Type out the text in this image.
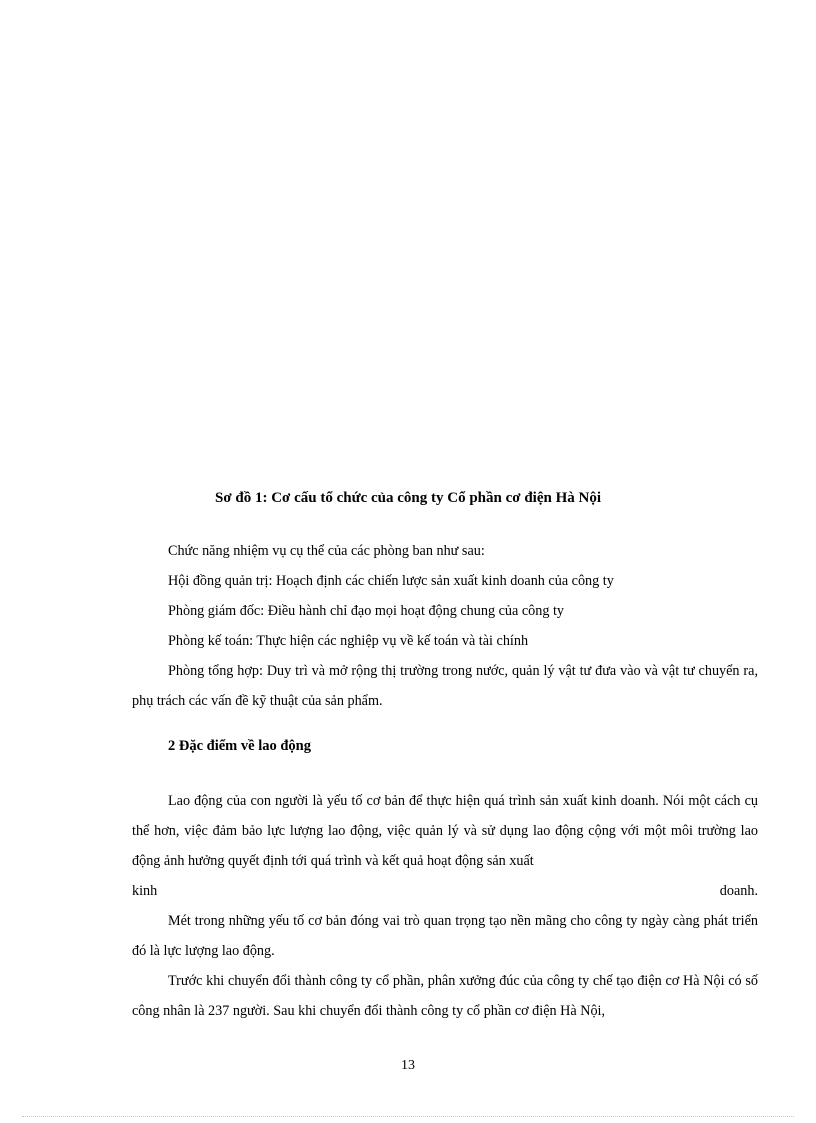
Sơ đồ 1: Cơ cấu tổ chức của công ty Cổ phần cơ điện Hà Nội

Chức năng nhiệm vụ cụ thể của các phòng ban như sau:

Hội đồng quản trị: Hoạch định các chiến lược sản xuất kinh doanh của công ty

Phòng giám đốc: Điều hành chỉ đạo mọi hoạt động chung của công ty

Phòng kế toán: Thực hiện các nghiệp vụ về kế toán và tài chính

Phòng tổng hợp: Duy trì và mở rộng thị trường trong nước, quản lý vật tư đưa vào và vật tư chuyển ra, phụ trách các vấn đề kỹ thuật của sản phẩm.

2 Đặc điểm về lao động

Lao động của con người là yếu tố cơ bản để thực hiện quá trình sản xuất kinh doanh. Nói một cách cụ thể hơn, việc đảm bảo lực lượng lao động, việc quản lý và sử dụng lao động cộng với một môi trường lao động ảnh hưởng quyết định tới quá trình và kết quả hoạt động sản xuất

kinh	doanh.

Mét trong những yếu tố cơ bản đóng vai trò quan trọng tạo nền mãng cho công ty ngày càng phát triển đó là lực lượng lao động.

Trước khi chuyển đổi thành công ty cổ phần, phân xưởng đúc của công ty chế tạo điện cơ Hà Nội có số công nhân là 237 người. Sau khi chuyển đổi thành công ty cổ phần cơ điện Hà Nội,

13
